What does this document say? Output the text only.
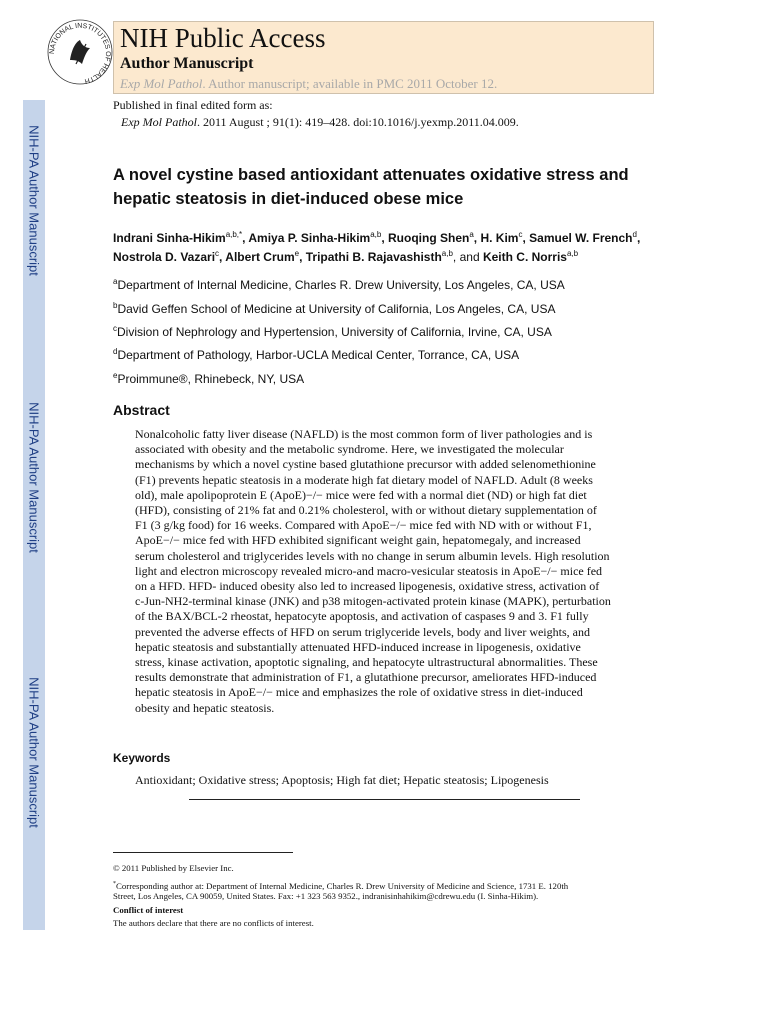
NIH-PA Author Manuscript
NIH-PA Author Manuscript
NIH-PA Author Manuscript
NATIONAL INSTITUTES OF HEALTH
NIH Public Access
Author Manuscript
Exp Mol Pathol. Author manuscript; available in PMC 2011 October 12.
Published in final edited form as:
Exp Mol Pathol. 2011 August ; 91(1): 419–428. doi:10.1016/j.yexmp.2011.04.009.
A novel cystine based antioxidant attenuates oxidative stress and hepatic steatosis in diet-induced obese mice
Indrani Sinha-Hikim$^{a,b,*}$, Amiya P. Sinha-Hikim$^{a,b}$, Ruoqing Shen$^a$, H. Kim$^c$, Samuel W. French$^d$, Nostrola D. Vazari$^c$, Albert Crum$^e$, Tripathi B. Rajavashisth$^{a,b}$, and Keith C. Norris$^{a,b}$
$^a$Department of Internal Medicine, Charles R. Drew University, Los Angeles, CA, USA
$^b$David Geffen School of Medicine at University of California, Los Angeles, CA, USA
$^c$Division of Nephrology and Hypertension, University of California, Irvine, CA, USA
$^d$Department of Pathology, Harbor-UCLA Medical Center, Torrance, CA, USA
$^e$Proimmune®, Rhinebeck, NY, USA
Abstract
Nonalcoholic fatty liver disease (NAFLD) is the most common form of liver pathologies and is
associated with obesity and the metabolic syndrome. Here, we investigated the molecular
mechanisms by which a novel cystine based glutathione precursor with added selenomethionine
(F1) prevents hepatic steatosis in a moderate high fat dietary model of NAFLD. Adult (8 weeks
old), male apolipoprotein E (ApoE)−/− mice were fed with a normal diet (ND) or high fat diet
(HFD), consisting of 21% fat and 0.21% cholesterol, with or without dietary supplementation of
F1 (3 g/kg food) for 16 weeks. Compared with ApoE−/− mice fed with ND with or without F1,
ApoE−/− mice fed with HFD exhibited significant weight gain, hepatomegaly, and increased
serum cholesterol and triglycerides levels with no change in serum albumin levels. High resolution
light and electron microscopy revealed micro-and macro-vesicular steatosis in ApoE−/− mice fed
on a HFD. HFD- induced obesity also led to increased lipogenesis, oxidative stress, activation of
c-Jun-NH2-terminal kinase (JNK) and p38 mitogen-activated protein kinase (MAPK), perturbation
of the BAX/BCL-2 rheostat, hepatocyte apoptosis, and activation of caspases 9 and 3. F1 fully
prevented the adverse effects of HFD on serum triglyceride levels, body and liver weights, and
hepatic steatosis and substantially attenuated HFD-induced increase in lipogenesis, oxidative
stress, kinase activation, apoptotic signaling, and hepatocyte ultrastructural abnormalities. These
results demonstrate that administration of F1, a glutathione precursor, ameliorates HFD-induced
hepatic steatosis in ApoE−/− mice and emphasizes the role of oxidative stress in diet-induced
obesity and hepatic steatosis.
Keywords
Antioxidant; Oxidative stress; Apoptosis; High fat diet; Hepatic steatosis; Lipogenesis
© 2011 Published by Elsevier Inc.
*Corresponding author at: Department of Internal Medicine, Charles R. Drew University of Medicine and Science, 1731 E. 120th
Street, Los Angeles, CA 90059, United States. Fax: +1 323 563 9352., indranisinhahikim@cdrewu.edu (I. Sinha-Hikim).
Conflict of interest
The authors declare that there are no conflicts of interest.
